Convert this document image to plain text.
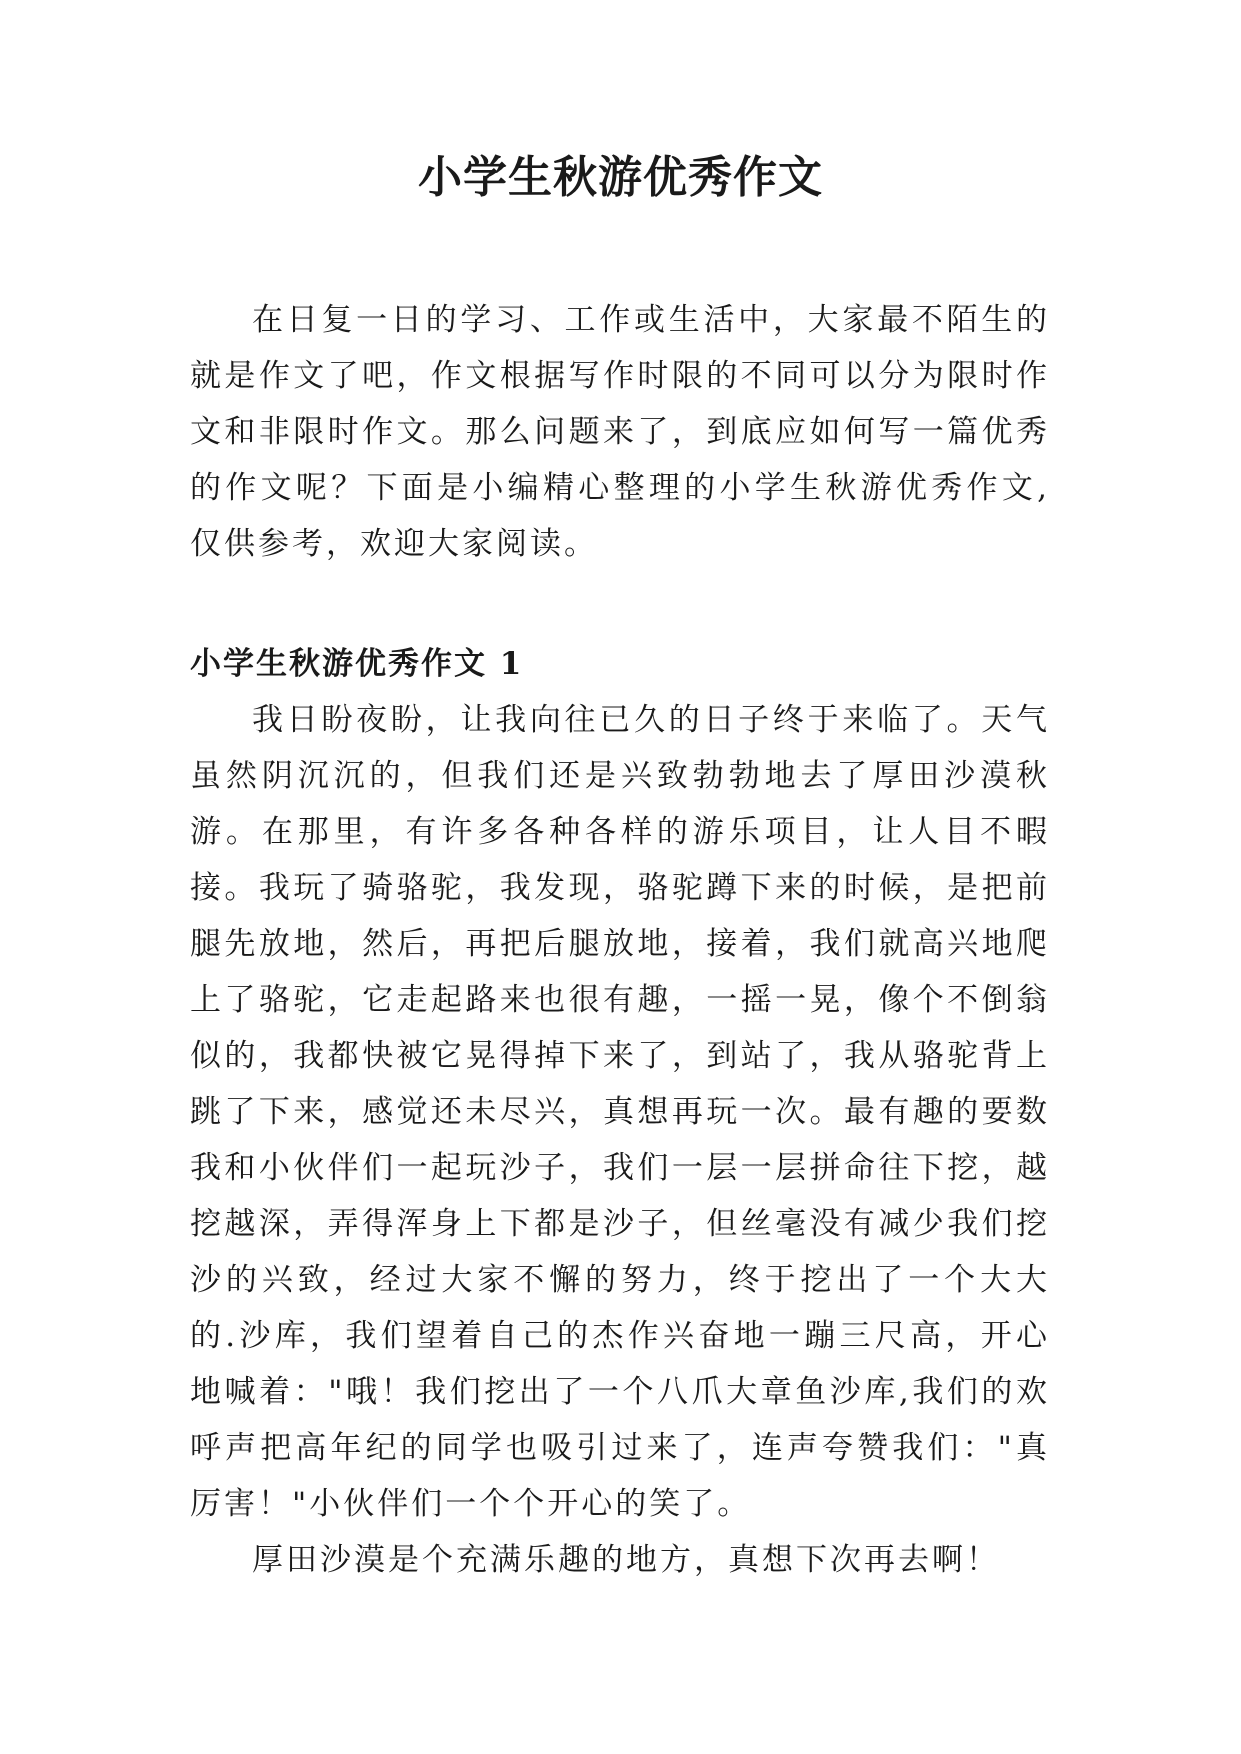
小学生秋游优秀作文

在日复一日的学习、工作或生活中，大家最不陌生的就是作文了吧，作文根据写作时限的不同可以分为限时作文和非限时作文。那么问题来了，到底应如何写一篇优秀的作文呢？下面是小编精心整理的小学生秋游优秀作文,仅供参考，欢迎大家阅读。

小学生秋游优秀作文 1

我日盼夜盼，让我向往已久的日子终于来临了。天气虽然阴沉沉的，但我们还是兴致勃勃地去了厚田沙漠秋游。在那里，有许多各种各样的游乐项目，让人目不暇接。我玩了骑骆驼，我发现，骆驼蹲下来的时候，是把前腿先放地，然后，再把后腿放地，接着，我们就高兴地爬上了骆驼，它走起路来也很有趣，一摇一晃，像个不倒翁似的，我都快被它晃得掉下来了，到站了，我从骆驼背上跳了下来，感觉还未尽兴，真想再玩一次。最有趣的要数我和小伙伴们一起玩沙子，我们一层一层拼命往下挖，越挖越深，弄得浑身上下都是沙子，但丝毫没有减少我们挖沙的兴致，经过大家不懈的努力，终于挖出了一个大大的.沙库，我们望着自己的杰作兴奋地一蹦三尺高，开心地喊着："哦！我们挖出了一个八爪大章鱼沙库,我们的欢呼声把高年纪的同学也吸引过来了，连声夸赞我们："真厉害！"小伙伴们一个个开心的笑了。

厚田沙漠是个充满乐趣的地方，真想下次再去啊！
